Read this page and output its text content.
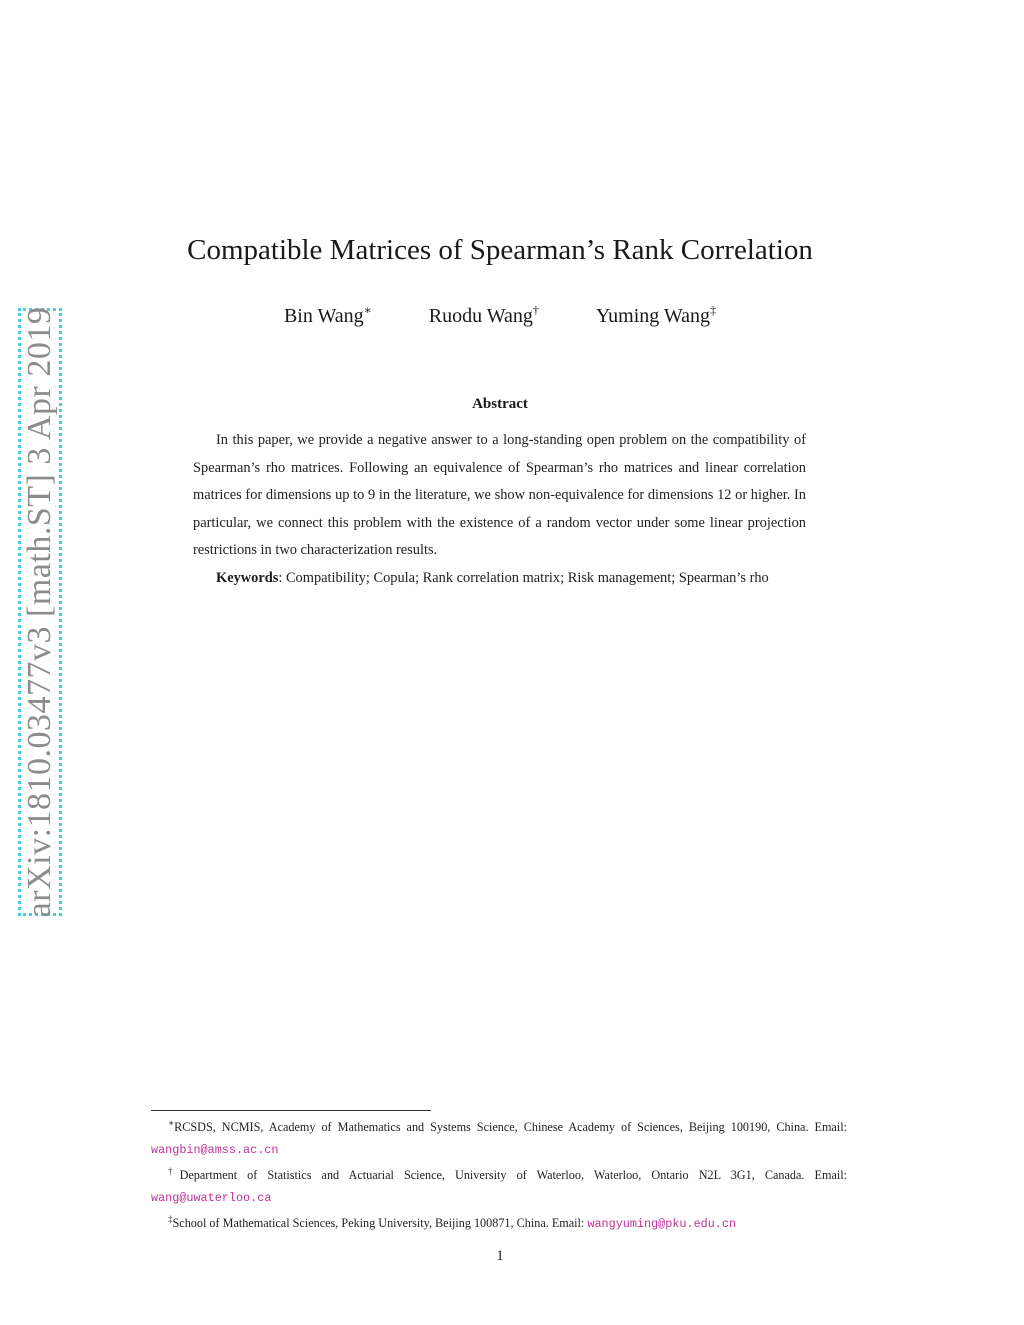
arXiv:1810.03477v3 [math.ST] 3 Apr 2019
Compatible Matrices of Spearman’s Rank Correlation
Bin Wang∗	Ruodu Wang†	Yuming Wang‡
Abstract

In this paper, we provide a negative answer to a long-standing open problem on the compatibility of Spearman’s rho matrices. Following an equivalence of Spearman’s rho matrices and linear correlation matrices for dimensions up to 9 in the literature, we show non-equivalence for dimensions 12 or higher. In particular, we connect this problem with the existence of a random vector under some linear projection restrictions in two characterization results.

Keywords: Compatibility; Copula; Rank correlation matrix; Risk management; Spearman’s rho

∗RCSDS, NCMIS, Academy of Mathematics and Systems Science, Chinese Academy of Sciences, Beijing 100190, China. Email: wangbin@amss.ac.cn

†Department of Statistics and Actuarial Science, University of Waterloo, Waterloo, Ontario N2L 3G1, Canada. Email: wang@uwaterloo.ca

‡School of Mathematical Sciences, Peking University, Beijing 100871, China. Email: wangyuming@pku.edu.cn

1
